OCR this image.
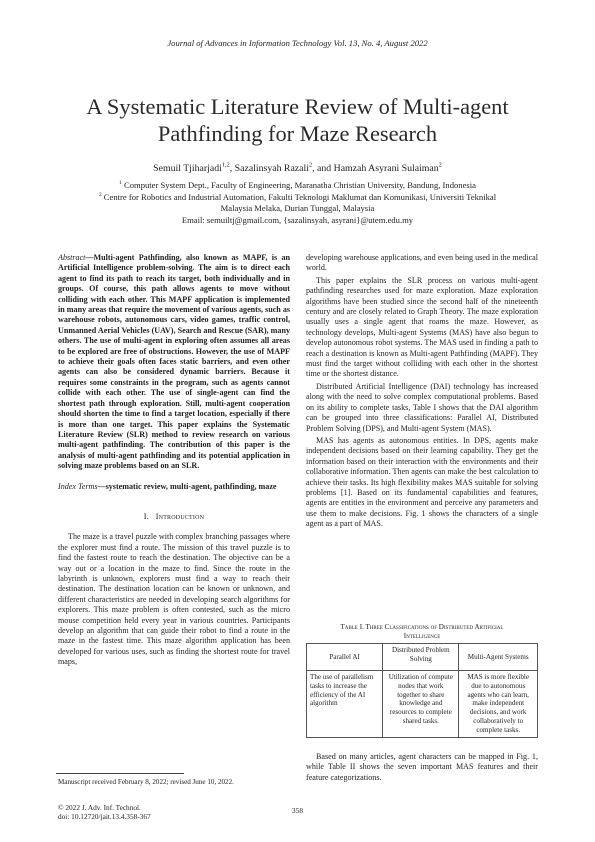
Journal of Advances in Information Technology Vol. 13, No. 4, August 2022
A Systematic Literature Review of Multi-agent
Pathfinding for Maze Research
Semuil Tjiharjadi$^{1,2}$, Sazalinsyah Razali$^2$, and Hamzah Asyrani Sulaiman$^2$
$^1$ Computer System Dept., Faculty of Engineering, Maranatha Christian University, Bandung, Indonesia
$^2$ Centre for Robotics and Industrial Automation, Fakulti Teknologi Maklumat dan Komunikasi, Universiti Teknikal
Malaysia Melaka, Durian Tunggal, Malaysia
Email: semuiltj@gmail.com, {sazalinsyah, asyrani}@utem.edu.my
Abstract—Multi-agent Pathfinding, also known as MAPF, is an Artificial Intelligence problem-solving. The aim is to direct each agent to find its path to reach its target, both individually and in groups. Of course, this path allows agents to move without colliding with each other. This MAPF application is implemented in many areas that require the movement of various agents, such as warehouse robots, autonomous cars, video games, traffic control, Unmanned Aerial Vehicles (UAV), Search and Rescue (SAR), many others. The use of multi-agent in exploring often assumes all areas to be explored are free of obstructions. However, the use of MAPF to achieve their goals often faces static barriers, and even other agents can also be considered dynamic barriers. Because it requires some constraints in the program, such as agents cannot collide with each other. The use of single-agent can find the shortest path through exploration. Still, multi-agent cooperation should shorten the time to find a target location, especially if there is more than one target. This paper explains the Systematic Literature Review (SLR) method to review research on various multi-agent pathfinding. The contribution of this paper is the analysis of multi-agent pathfinding and its potential application in solving maze problems based on an SLR.
Index Terms—systematic review, multi-agent, pathfinding, maze
I. Introduction

The maze is a travel puzzle with complex branching passages where the explorer must find a route. The mission of this travel puzzle is to find the fastest route to reach the destination. The objective can be a way out or a location in the maze to find. Since the route in the labyrinth is unknown, explorers must find a way to reach their destination. The destination location can be known or unknown, and different characteristics are needed in developing search algorithms for explorers. This maze problem is often contested, such as the micro mouse competition held every year in various countries. Participants develop an algorithm that can guide their robot to find a route in the maze in the fastest time. This maze algorithm application has been developed for various uses, such as finding the shortest route for travel maps,

developing warehouse applications, and even being used in the medical world.

This paper explains the SLR process on various multi-agent pathfinding researches used for maze exploration. Maze exploration algorithms have been studied since the second half of the nineteenth century and are closely related to Graph Theory. The maze exploration usually uses a single agent that roams the maze. However, as technology develops, Multi-agent Systems (MAS) have also begun to develop autonomous robot systems. The MAS used in finding a path to reach a destination is known as Multi-agent Pathfinding (MAPF). They must find the target without colliding with each other in the shortest time or the shortest distance.

Distributed Artificial Intelligence (DAI) technology has increased along with the need to solve complex computational problems. Based on its ability to complete tasks, Table I shows that the DAI algorithm can be grouped into three classifications: Parallel AI, Distributed Problem Solving (DPS), and Multi-agent System (MAS).

MAS has agents as autonomous entities. In DPS, agents make independent decisions based on their learning capability. They get the information based on their interaction with the environments and their collaborative information. Then agents can make the best calculation to achieve their tasks. Its high flexibility makes MAS suitable for solving problems [1]. Based on its fundamental capabilities and features, agents are entities in the environment and perceive any parameters and use them to make decisions. Fig. 1 shows the characters of a single agent as a part of MAS.

Table I. Three Classifications of Distributed Artificial
Intelligence
Parallel AI	Distributed Problem Solving	Multi-Agent Systems
The use of parallelism tasks to increase the efficiency of the AI algorithm	Utilization of compute nodes that work together to share knowledge and resources to complete shared tasks.	MAS is more flexible due to autonomous agents who can learn, make independent decisions, and work collaboratively to complete tasks.

Based on many articles, agent characters can be mapped in Fig. 1, while Table II shows the seven important MAS features and their feature categorizations.

Manuscript received February 8, 2022; revised June 10, 2022.
© 2022 J. Adv. Inf. Technol.
doi: 10.12720/jait.13.4.358-367
358
